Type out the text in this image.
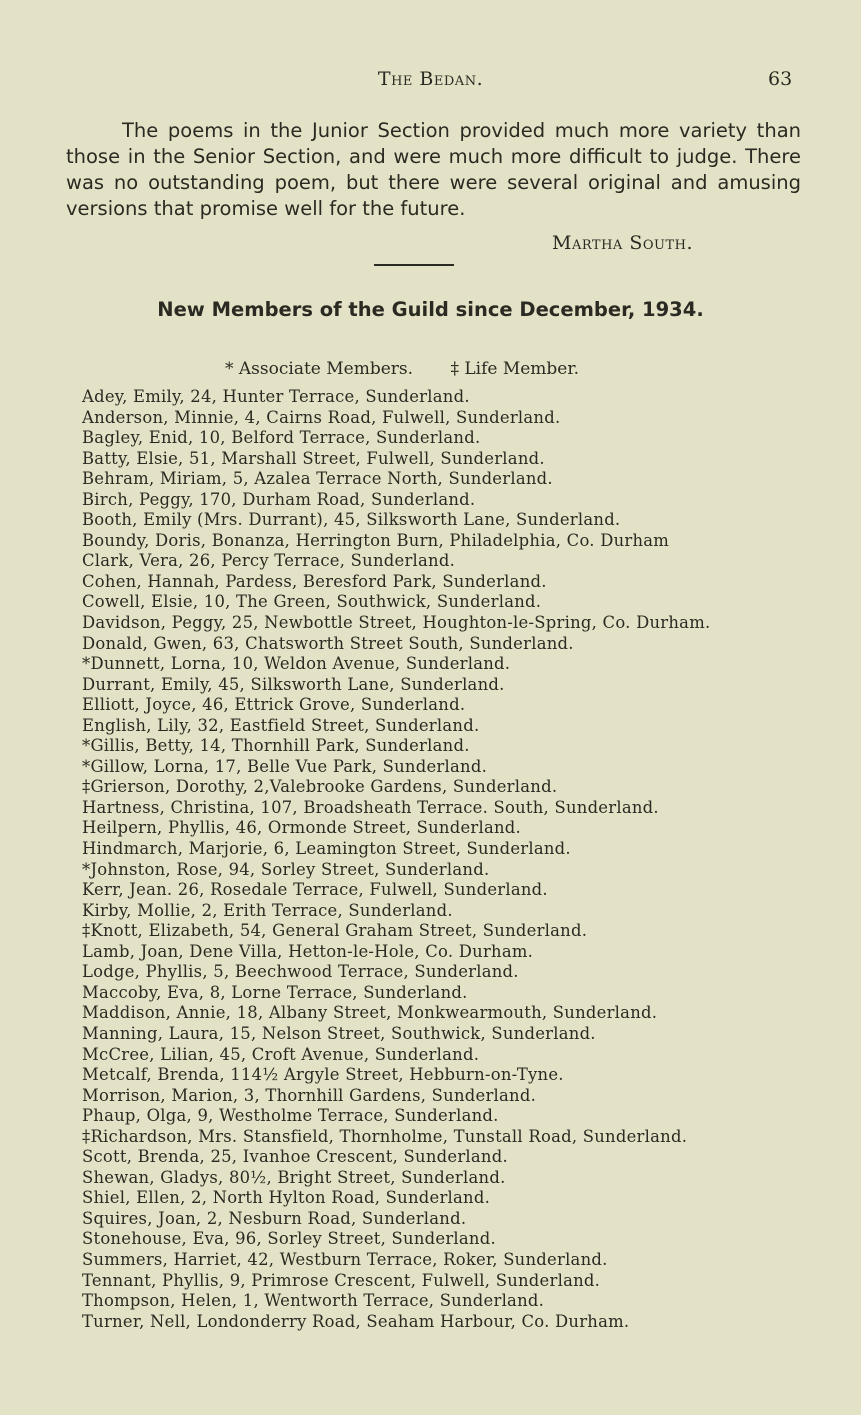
The Bedan.	63

The poems in the Junior Section provided much more variety than those in the Senior Section, and were much more difficult to judge. There was no outstanding poem, but there were several original and amusing versions that promise well for the future.

Martha South.
New Members of the Guild since December, 1934.
* Associate Members. ‡ Life Member.
Adey, Emily, 24, Hunter Terrace, Sunderland.
Anderson, Minnie, 4, Cairns Road, Fulwell, Sunderland.
Bagley, Enid, 10, Belford Terrace, Sunderland.
Batty, Elsie, 51, Marshall Street, Fulwell, Sunderland.
Behram, Miriam, 5, Azalea Terrace North, Sunderland.
Birch, Peggy, 170, Durham Road, Sunderland.
Booth, Emily (Mrs. Durrant), 45, Silksworth Lane, Sunderland.
Boundy, Doris, Bonanza, Herrington Burn, Philadelphia, Co. Durham
Clark, Vera, 26, Percy Terrace, Sunderland.
Cohen, Hannah, Pardess, Beresford Park, Sunderland.
Cowell, Elsie, 10, The Green, Southwick, Sunderland.
Davidson, Peggy, 25, Newbottle Street, Houghton-le-Spring, Co. Durham.
Donald, Gwen, 63, Chatsworth Street South, Sunderland.
*Dunnett, Lorna, 10, Weldon Avenue, Sunderland.
Durrant, Emily, 45, Silksworth Lane, Sunderland.
Elliott, Joyce, 46, Ettrick Grove, Sunderland.
English, Lily, 32, Eastfield Street, Sunderland.
*Gillis, Betty, 14, Thornhill Park, Sunderland.
*Gillow, Lorna, 17, Belle Vue Park, Sunderland.
‡Grierson, Dorothy, 2,Valebrooke Gardens, Sunderland.
Hartness, Christina, 107, Broadsheath Terrace. South, Sunderland.
Heilpern, Phyllis, 46, Ormonde Street, Sunderland.
Hindmarch, Marjorie, 6, Leamington Street, Sunderland.
*Johnston, Rose, 94, Sorley Street, Sunderland.
Kerr, Jean. 26, Rosedale Terrace, Fulwell, Sunderland.
Kirby, Mollie, 2, Erith Terrace, Sunderland.
‡Knott, Elizabeth, 54, General Graham Street, Sunderland.
Lamb, Joan, Dene Villa, Hetton-le-Hole, Co. Durham.
Lodge, Phyllis, 5, Beechwood Terrace, Sunderland.
Maccoby, Eva, 8, Lorne Terrace, Sunderland.
Maddison, Annie, 18, Albany Street, Monkwearmouth, Sunderland.
Manning, Laura, 15, Nelson Street, Southwick, Sunderland.
McCree, Lilian, 45, Croft Avenue, Sunderland.
Metcalf, Brenda, 114½ Argyle Street, Hebburn-on-Tyne.
Morrison, Marion, 3, Thornhill Gardens, Sunderland.
Phaup, Olga, 9, Westholme Terrace, Sunderland.
‡Richardson, Mrs. Stansfield, Thornholme, Tunstall Road, Sunderland.
Scott, Brenda, 25, Ivanhoe Crescent, Sunderland.
Shewan, Gladys, 80½, Bright Street, Sunderland.
Shiel, Ellen, 2, North Hylton Road, Sunderland.
Squires, Joan, 2, Nesburn Road, Sunderland.
Stonehouse, Eva, 96, Sorley Street, Sunderland.
Summers, Harriet, 42, Westburn Terrace, Roker, Sunderland.
Tennant, Phyllis, 9, Primrose Crescent, Fulwell, Sunderland.
Thompson, Helen, 1, Wentworth Terrace, Sunderland.
Turner, Nell, Londonderry Road, Seaham Harbour, Co. Durham.
